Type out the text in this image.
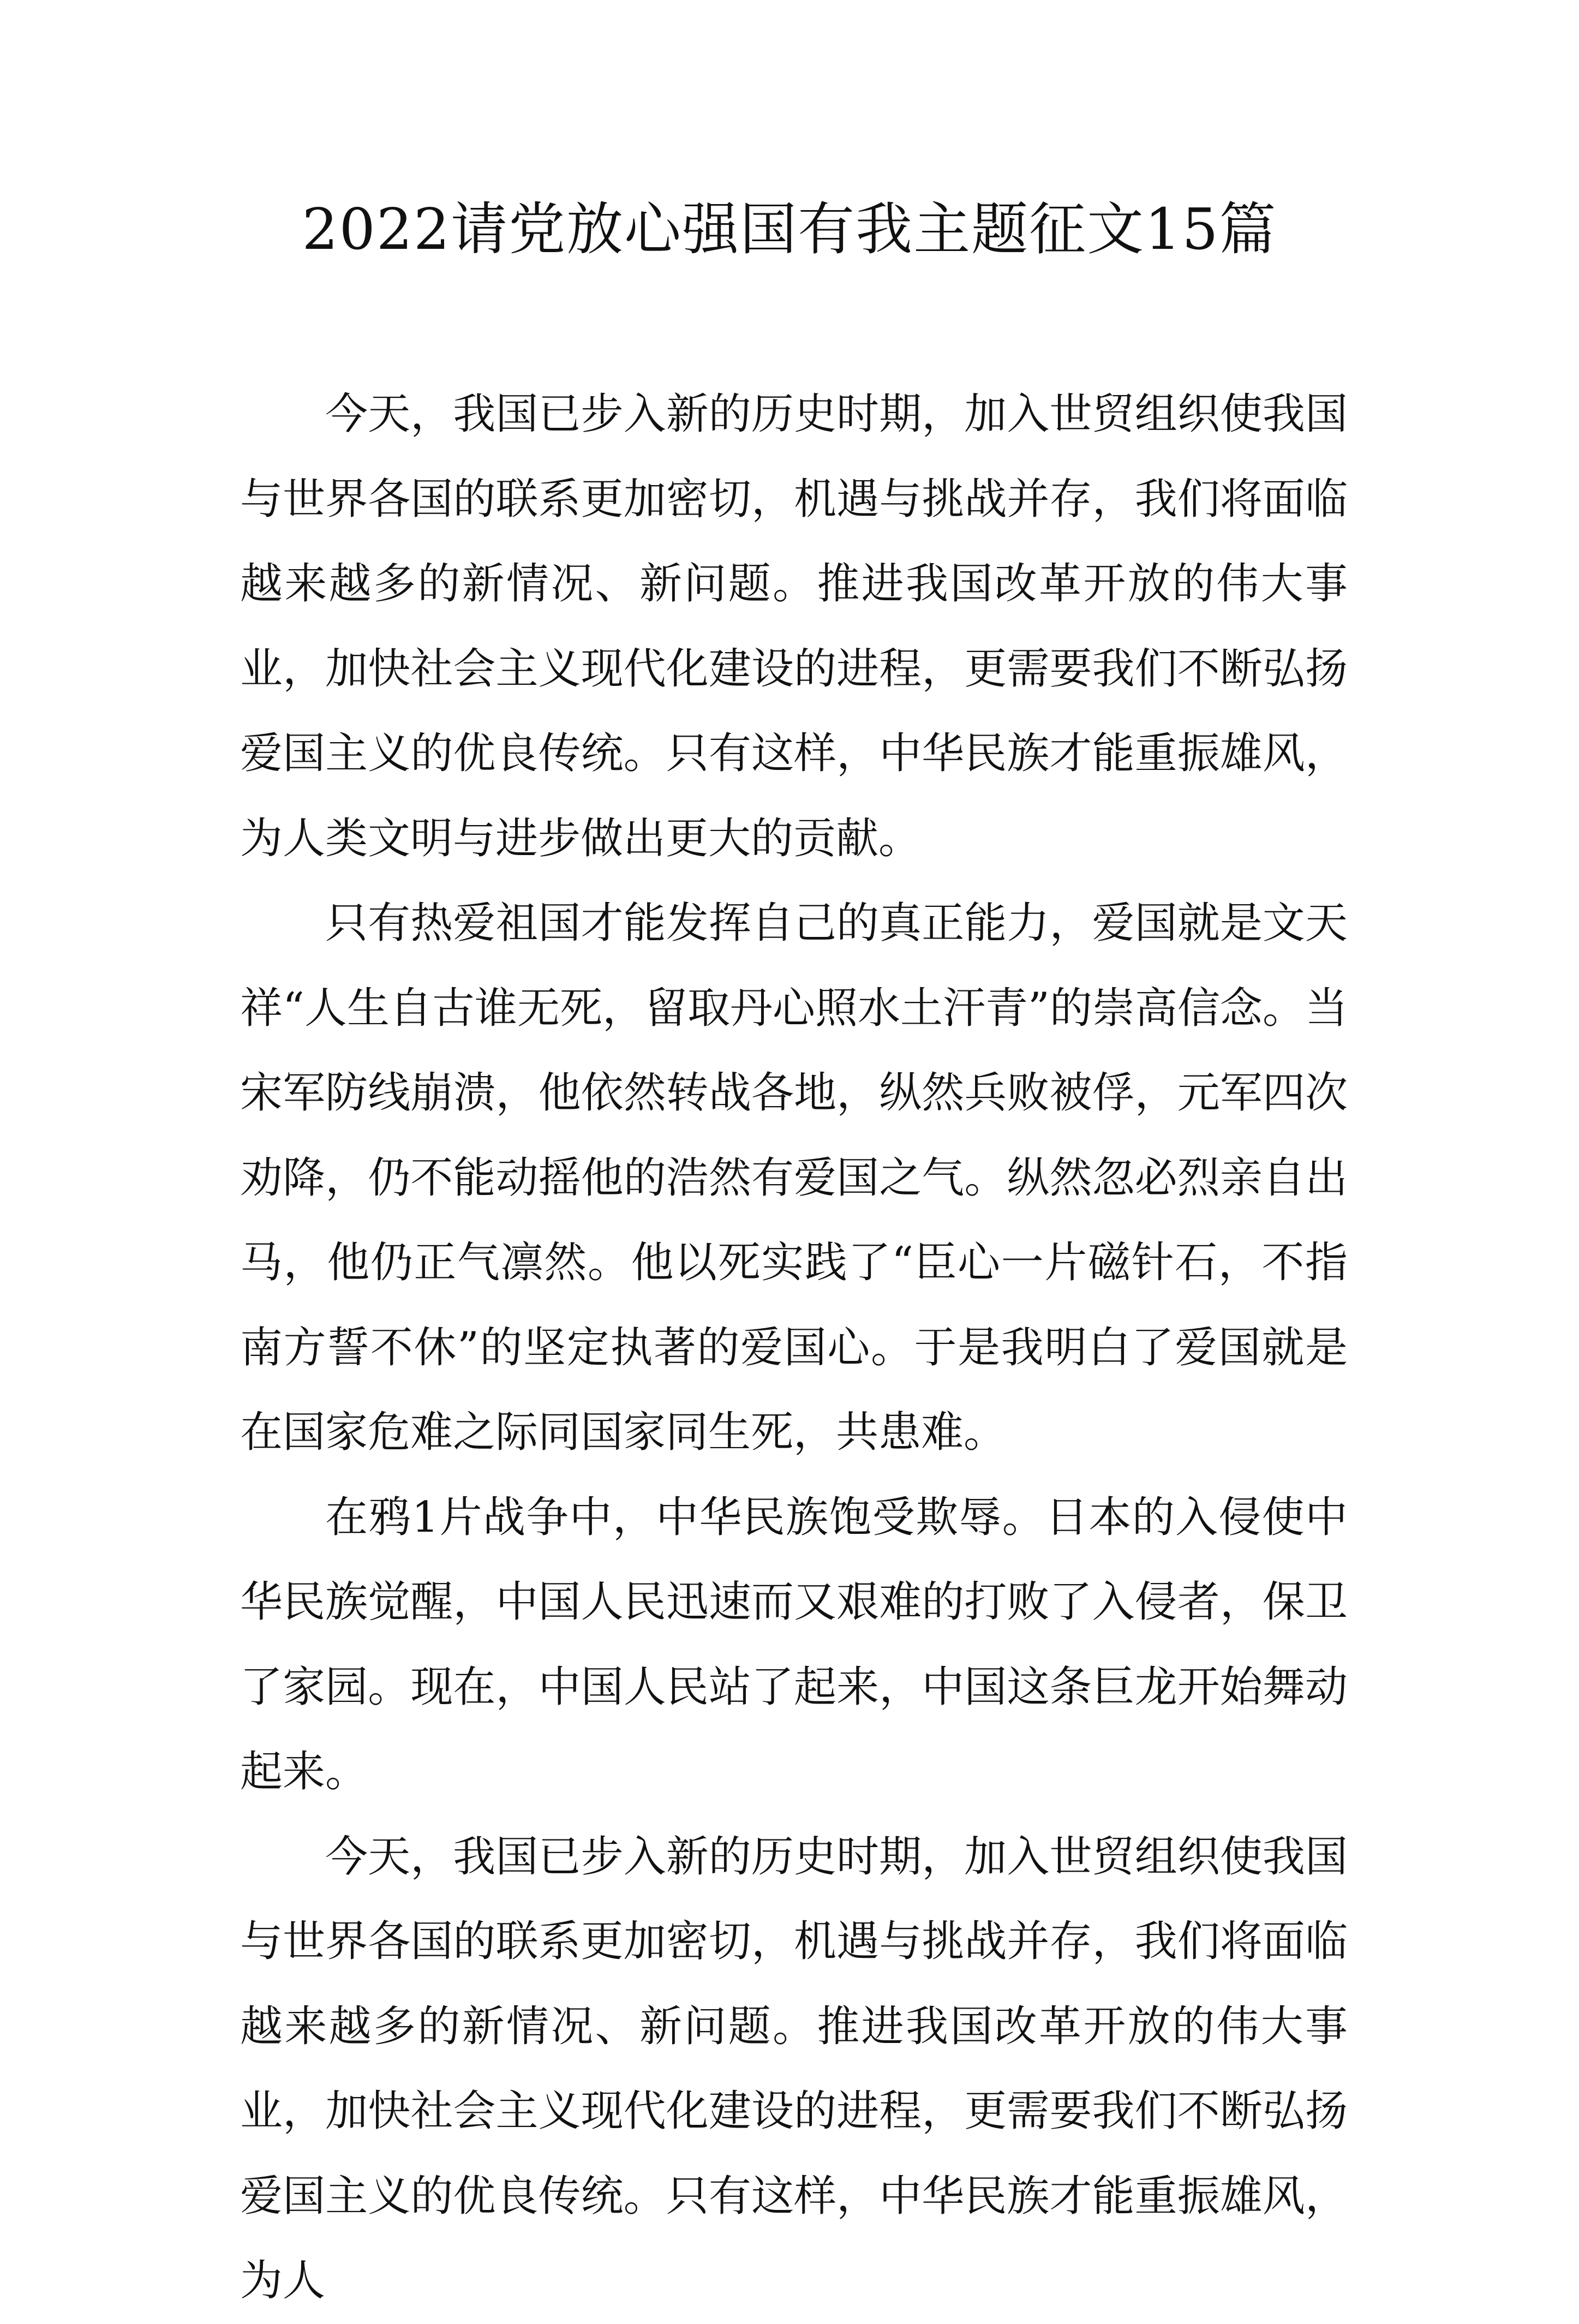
2022请党放心强国有我主题征文15篇

今天，我国已步入新的历史时期，加入世贸组织使我国与世界各国的联系更加密切，机遇与挑战并存，我们将面临越来越多的新情况、新问题。推进我国改革开放的伟大事业，加快社会主义现代化建设的进程，更需要我们不断弘扬爱国主义的优良传统。只有这样，中华民族才能重振雄风，为人类文明与进步做出更大的贡献。

只有热爱祖国才能发挥自己的真正能力，爱国就是文天祥“人生自古谁无死，留取丹心照水土汗青”的崇高信念。当宋军防线崩溃，他依然转战各地，纵然兵败被俘，元军四次劝降，仍不能动摇他的浩然有爱国之气。纵然忽必烈亲自出马，他仍正气凛然。他以死实践了“臣心一片磁针石，不指南方誓不休”的坚定执著的爱国心。于是我明白了爱国就是在国家危难之际同国家同生死，共患难。

在鸦1片战争中，中华民族饱受欺辱。日本的入侵使中华民族觉醒，中国人民迅速而又艰难的打败了入侵者，保卫了家园。现在，中国人民站了起来，中国这条巨龙开始舞动起来。

今天，我国已步入新的历史时期，加入世贸组织使我国与世界各国的联系更加密切，机遇与挑战并存，我们将面临越来越多的新情况、新问题。推进我国改革开放的伟大事业，加快社会主义现代化建设的进程，更需要我们不断弘扬爱国主义的优良传统。只有这样，中华民族才能重振雄风，为人
